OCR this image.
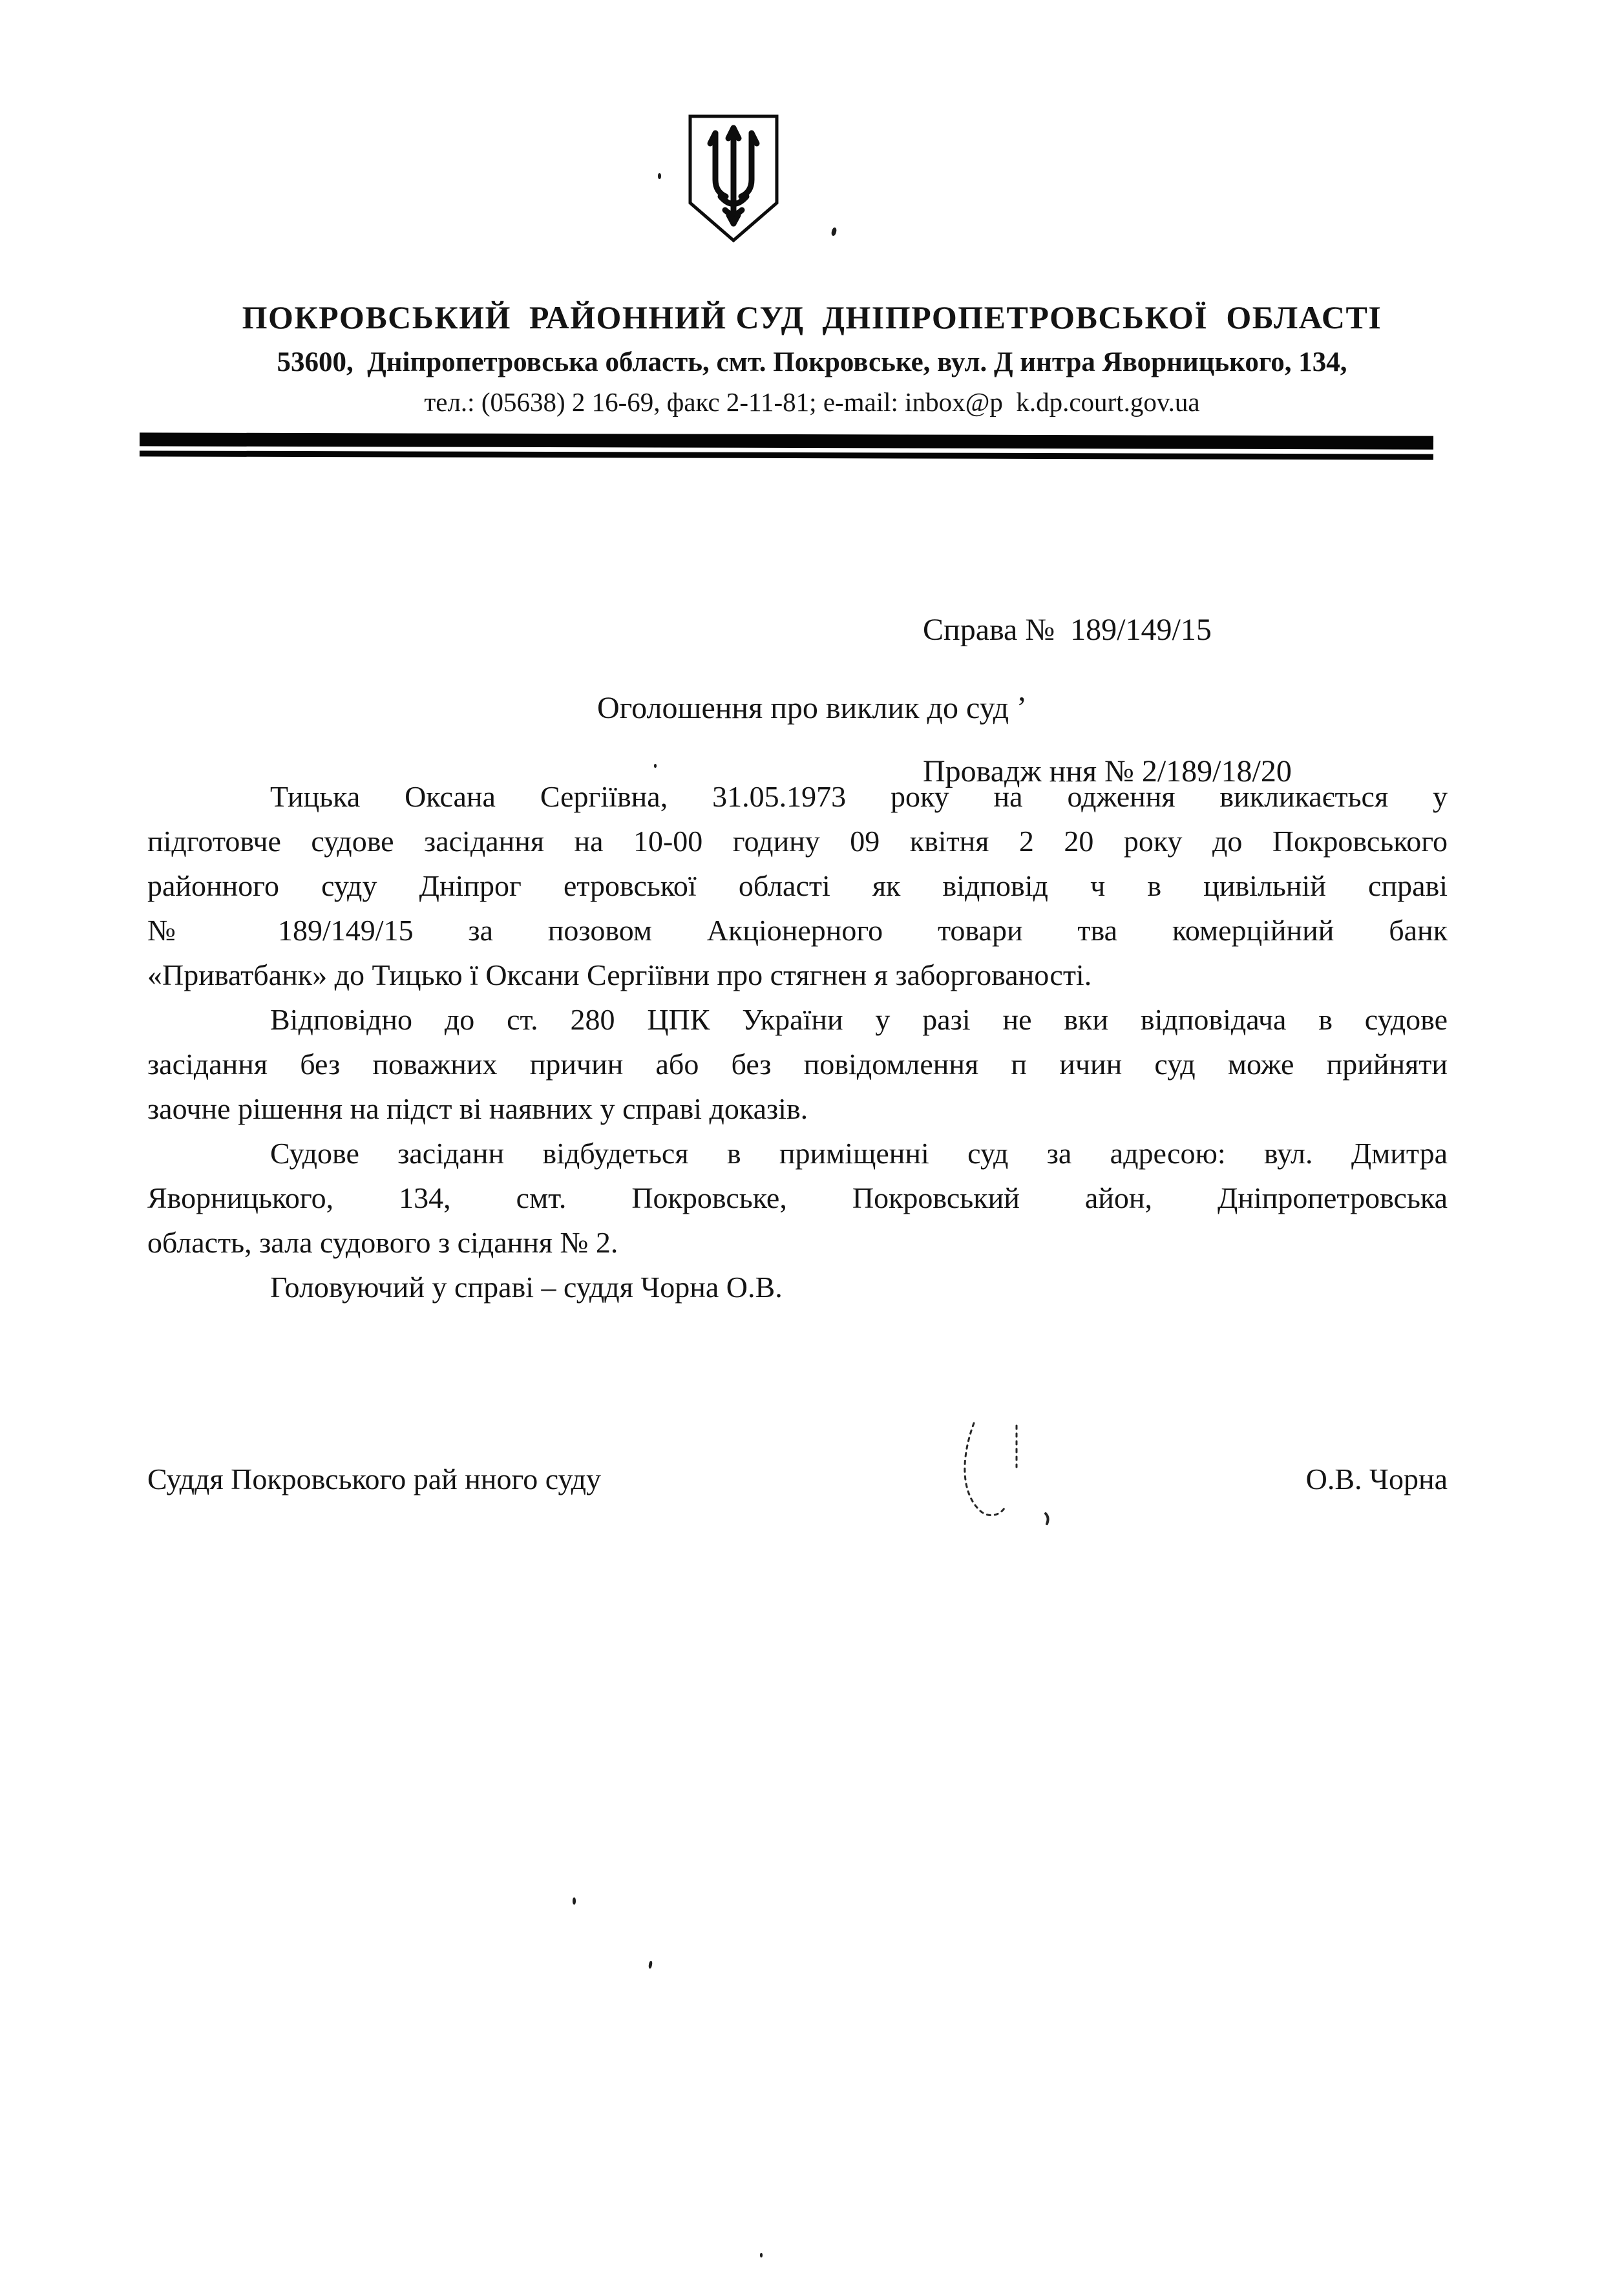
ПОКРОВСЬКИЙ  РАЙОННИЙ СУД  ДНІПРОПЕТРОВСЬКОЇ  ОБЛАСТІ
53600,  Дніпропетровська область, смт. Покровське, вул. Д интра Яворницького, 134,
тел.: (05638) 2 16-69, факс 2-11-81; e-mail: inbox@p  k.dp.court.gov.ua

Справа №  189/149/15

Провадж ння № 2/189/18/20

Оголошення про виклик до суд ʼ
Тицька Оксана Сергіївна, 31.05.1973 року на одження викликається у
підготовче судове засідання на 10-00 годину 09 квітня 2 20 року до Покровського
районного суду Дніпрог етровської області як відповід ч в цивільній справі
№ 189/149/15 за позовом Акціонерного товари тва комерційний банк
«Приватбанк» до Тицько ї Оксани Сергіївни про стягнен я заборгованості.
Відповідно до ст. 280 ЦПК України у разі не вки відповідача в судове
засідання без поважних причин або без повідомлення п ичин суд може прийняти
заочне рішення на підст ві наявних у справі доказів.
Судове засіданн відбудеться в приміщенні суд за адресою: вул. Дмитра
Яворницького, 134, смт. Покровське, Покровський айон, Дніпропетровська
область, зала судового з сідання № 2.
Головуючий у справі – суддя Чорна О.В.
Суддя Покровського рай нного суду	О.В. Чорна
